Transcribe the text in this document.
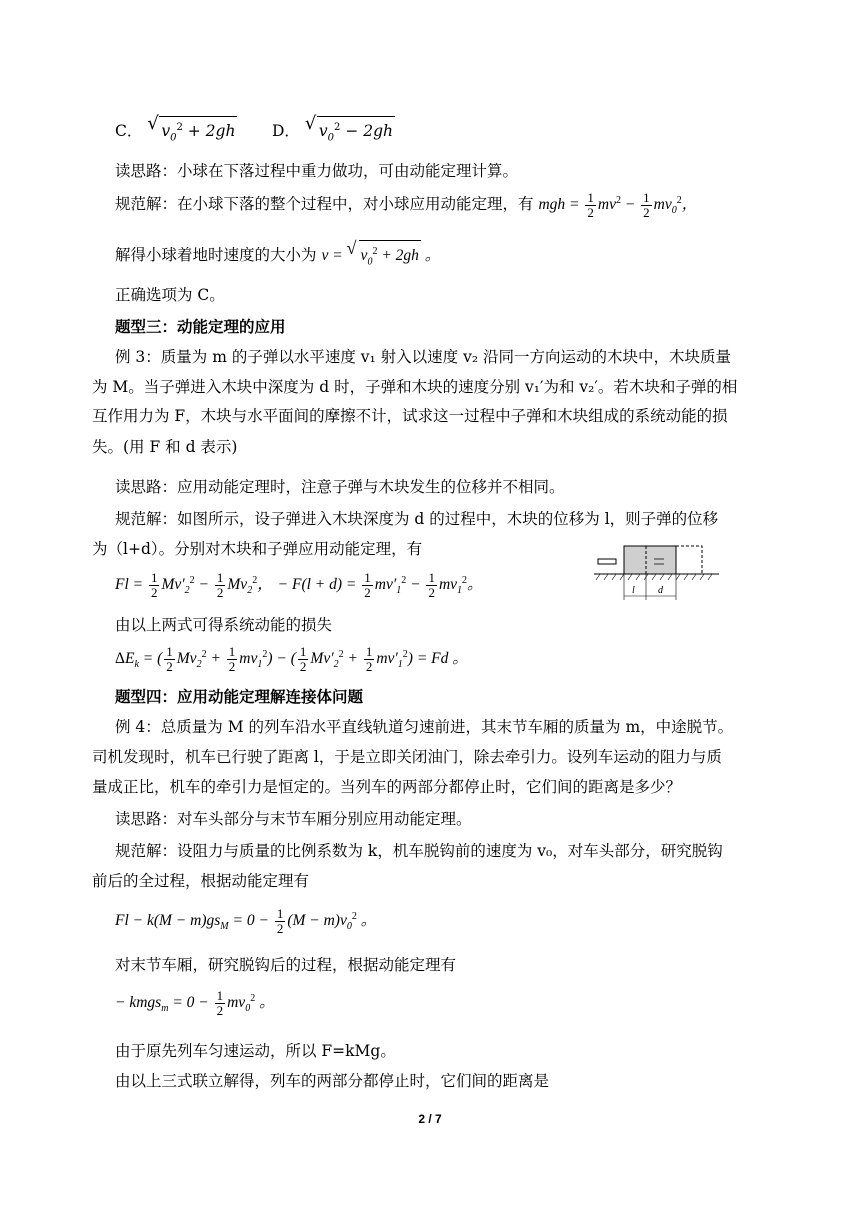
C． √ $v_0^2 + 2gh$ D． √ $v_0^2 - 2gh$
读思路：小球在下落过程中重力做功，可由动能定理计算。
规范解：在小球下落的整个过程中，对小球应用动能定理，有 mgh = $\frac{1}{2} mv^2 - \frac{1}{2} mv_0^2$，
解得小球着地时速度的大小为 v = √ $v_0^2 + 2gh$ 。
正确选项为 C。
题型三：动能定理的应用
例 3：质量为 m 的子弹以水平速度 v₁ 射入以速度 v₂ 沿同一方向运动的木块中，木块质量
为 M。当子弹进入木块中深度为 d 时，子弹和木块的速度分别 v₁′为和 v₂′。若木块和子弹的相
互作用力为 F，木块与水平面间的摩擦不计，试求这一过程中子弹和木块组成的系统动能的损
失。(用 F 和 d 表示)
读思路：应用动能定理时，注意子弹与木块发生的位移并不相同。
规范解：如图所示，设子弹进入木块深度为 d 的过程中，木块的位移为 l，则子弹的位移
为（l+d）。分别对木块和子弹应用动能定理，有
$Fl = \frac{1}{2} Mv'_2^2 - \frac{1}{2} Mv_2^2$， − $F(l + d) = \frac{1}{2} mv'_1^2 - \frac{1}{2} mv_1^2$。	l d
由以上两式可得系统动能的损失
$\Delta E_k$ = ( $\frac{1}{2} Mv_2^2 + \frac{1}{2} mv_1^2$) − ( $\frac{1}{2} Mv'_2^2 + \frac{1}{2} mv'_1^2) = Fd$ 。
题型四：应用动能定理解连接体问题
例 4：总质量为 M 的列车沿水平直线轨道匀速前进，其末节车厢的质量为 m，中途脱节。
司机发现时，机车已行驶了距离 l，于是立即关闭油门，除去牵引力。设列车运动的阻力与质
量成正比，机车的牵引力是恒定的。当列车的两部分都停止时，它们间的距离是多少？
读思路：对车头部分与末节车厢分别应用动能定理。
规范解：设阻力与质量的比例系数为 k，机车脱钩前的速度为 v₀，对车头部分，研究脱钩
前后的全过程，根据动能定理有
$Fl - k(M - m)gs_M = 0 - \frac{1}{2} (M - m)v_0^2$ 。
对末节车厢，研究脱钩后的过程，根据动能定理有
− kmgs$_m$ = $0 - \frac{1}{2} mv_0^2$ 。
由于原先列车匀速运动，所以 F=kMg。
由以上三式联立解得，列车的两部分都停止时，它们间的距离是
2 / 7
